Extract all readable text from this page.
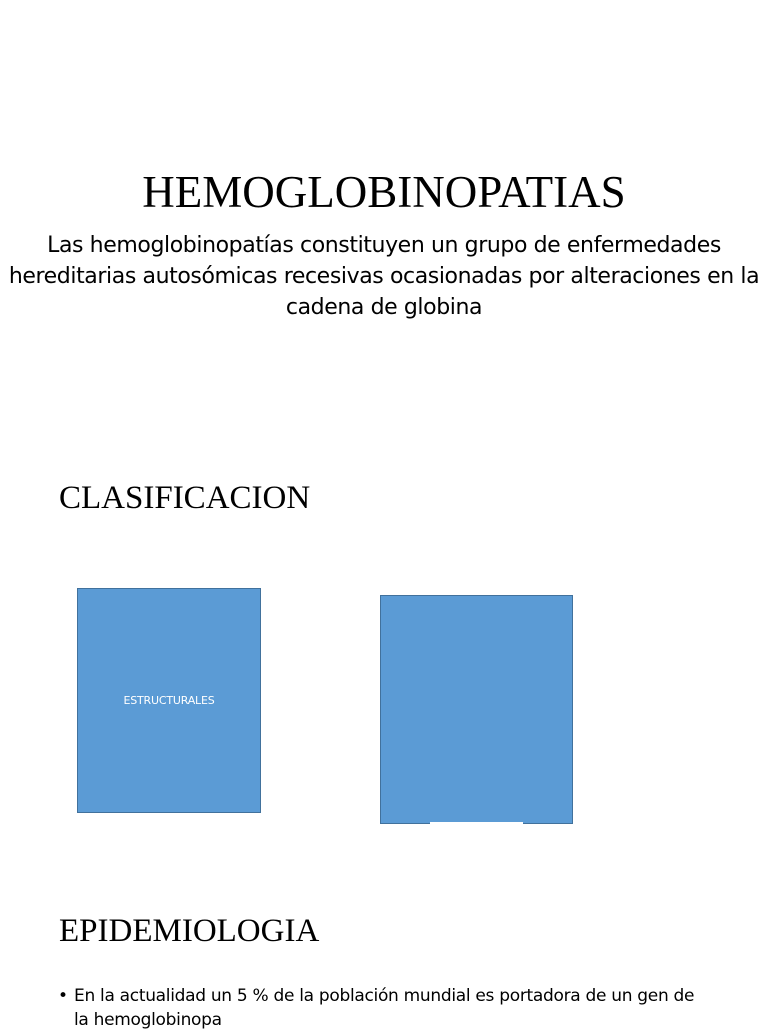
HEMOGLOBINOPATIAS
Las hemoglobinopatías constituyen un grupo de enfermedades hereditarias autosómicas recesivas ocasionadas por alteraciones en la cadena de globina
CLASIFICACION
ESTRUCTURALES
EPIDEMIOLOGIA
• En la actualidad un 5 % de la población mundial es portadora de un gen de la hemoglobinopa
